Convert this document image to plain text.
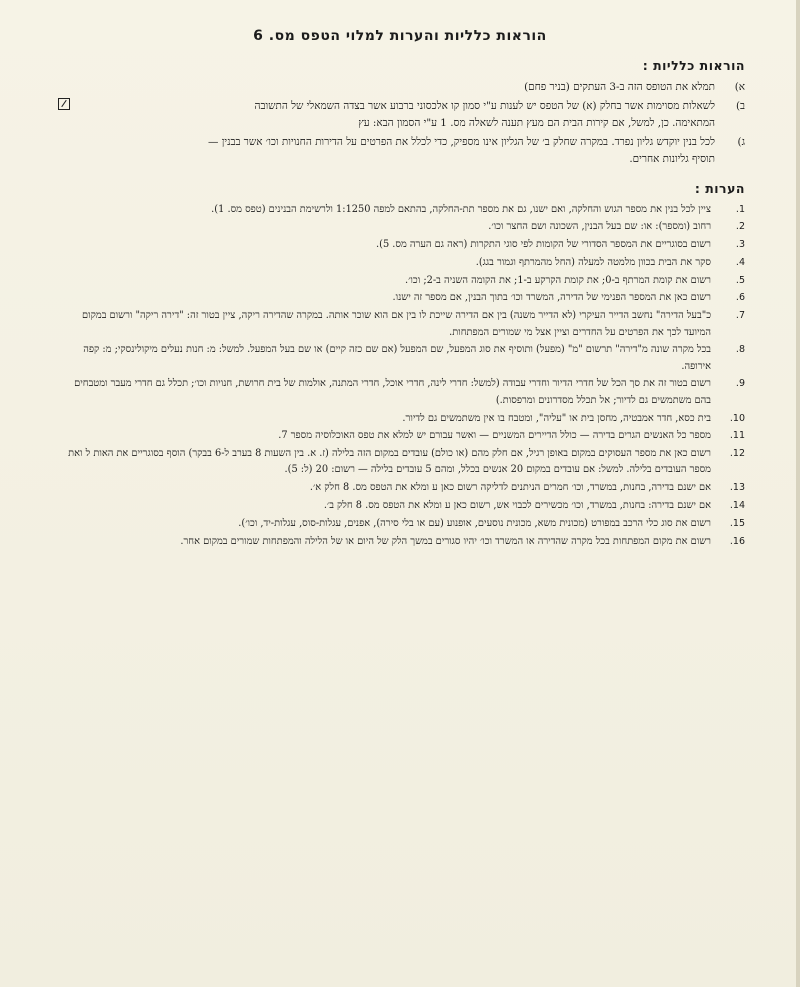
הוראות כלליות והערות למלוי הטפס מס. 6
הוראות כלליות :
א)
תמלא את הטופס הזה ב-3 העתקים (בניר פחם)
ב)
לשאלות מסוימות אשר בחלק (א) של הטפס יש לענות ע"י סמון קו אלכסוני ברבוע אשר בצדה השמאלי של התשובה המתאימה. כן, למשל, אם קירות הבית הם מעץ תענה לשאלה מס. 1 ע"י הסמון הבא: עץ
ג)
לכל בנין יוקדש גליון נפרד. במקרה שחלק ב׳ של הגליון אינו מספיק, כדי לכלל את הפרטים על הדירות החנויות וכו׳ אשר בבנין — תוסיף גליונות אחרים.
הערות :
1.
ציין לכל בנין את מספר הגוש והחלקה, ואם ישנו, גם את מספר תת-החלקה, בהתאם למפה 1:1250 ולרשימת הבנינים (טפס מס. 1).
2.
רחוב (ומספר): או: שם בעל הבנין, השכונה ושם החצר וכו׳.
3.
רשום בסוגריים את המספר הסדורי של הקומות לפי סוגי התקרות (ראה גם הערה מס. 5).
4.
סקר את הבית בכוון מלמטה למעלה (החל מהמרתף וגמור בגג).
5.
רשום את קומת המרתף ב-0; את קומת הקרקע ב-1; את הקומה השניה ב-2; וכו׳.
6.
רשום כאן את המספר הפנימי של הדירה, המשרד וכו׳ בתוך הבנין, אם מספר זה ישנו.
7.
כ"בעל הדירה" נחשב הדייר העיקרי (לא הדייר משנה) בין אם הדירה שייכת לו בין אם הוא שוכר אותה. במקרה שהדירה ריקה, ציין בטור זה: "דירה ריקה" ורשום במקום המיועד לכך את הפרטים על החדרים וציין אצל מי שמורים המפתחות.
8.
בכל מקרה שונה מ"דירה" תרשום "מ" (מפעל) ותוסיף את סוג המפעל, שם המפעל (אם שם כזה קיים) או שם בעל המפעל. למשל: מ: חנות נעלים מיקולינסקי; מ: קפה אירופה.
9.
רשום בטור זה את סך הכל של חדרי הדיור וחדרי עבודה (למשל: חדרי לינה, חדרי אוכל, חדרי המתנה, אולמות של בית חרושת, חנויות וכו׳; תכלל גם חדרי מעבר ומטבחים בהם משתמשים גם לדיור; אל תכלל מסדרונים ומרפסות.)
10.
בית כסא, חדר אמבטיה, מחסן בית או "עליה", ומטבח בו אין משתמשים גם לדיור.
11.
מספר כל האנשים הגרים בדירה — כולל הדיירים המשניים — ואשר עבורם יש למלא את טפס האוכלוסיה מספר 7.
12.
רשום כאן את מספר העסוקים במקום באופן רגיל, אם חלק מהם (או כולם) עובדים במקום הזה בלילה (ז. א. בין השעות 8 בערב ל-6 בבקר) הוסף בסוגריים את האות ל ואת מספר העובדים בלילה. למשל: אם עובדים במקום 20 אנשים בכלל, ומהם 5 עובדים בלילה — רשום: 20 (ל: 5).
13.
אם ישנם בדירה, בחנות, במשרד, וכו׳ חמרים הניתנים לדליקה רשום כאן ע ומלא את הטפס מס. 8 חלק א׳.
14.
אם ישנם בדירה: בחנות, במשרד, וכו׳ מכשירים לכבוי אש, רשום כאן ע ומלא את הטפס מס. 8 חלק ב׳.
15.
רשום את סוג כלי הרכב במפורט (מכונית משא, מכונית נוסעים, אופנוע (עם או בלי סירה), אפנים, עגלות-סוס, עגלות-יד, וכו׳).
16.
רשום את מקום המפתחות בכל מקרה שהדירה או המשרד וכו׳ יהיו סגורים במשך הלק של היום או של הלילה והמפתחות שמורים במקום אחר.
